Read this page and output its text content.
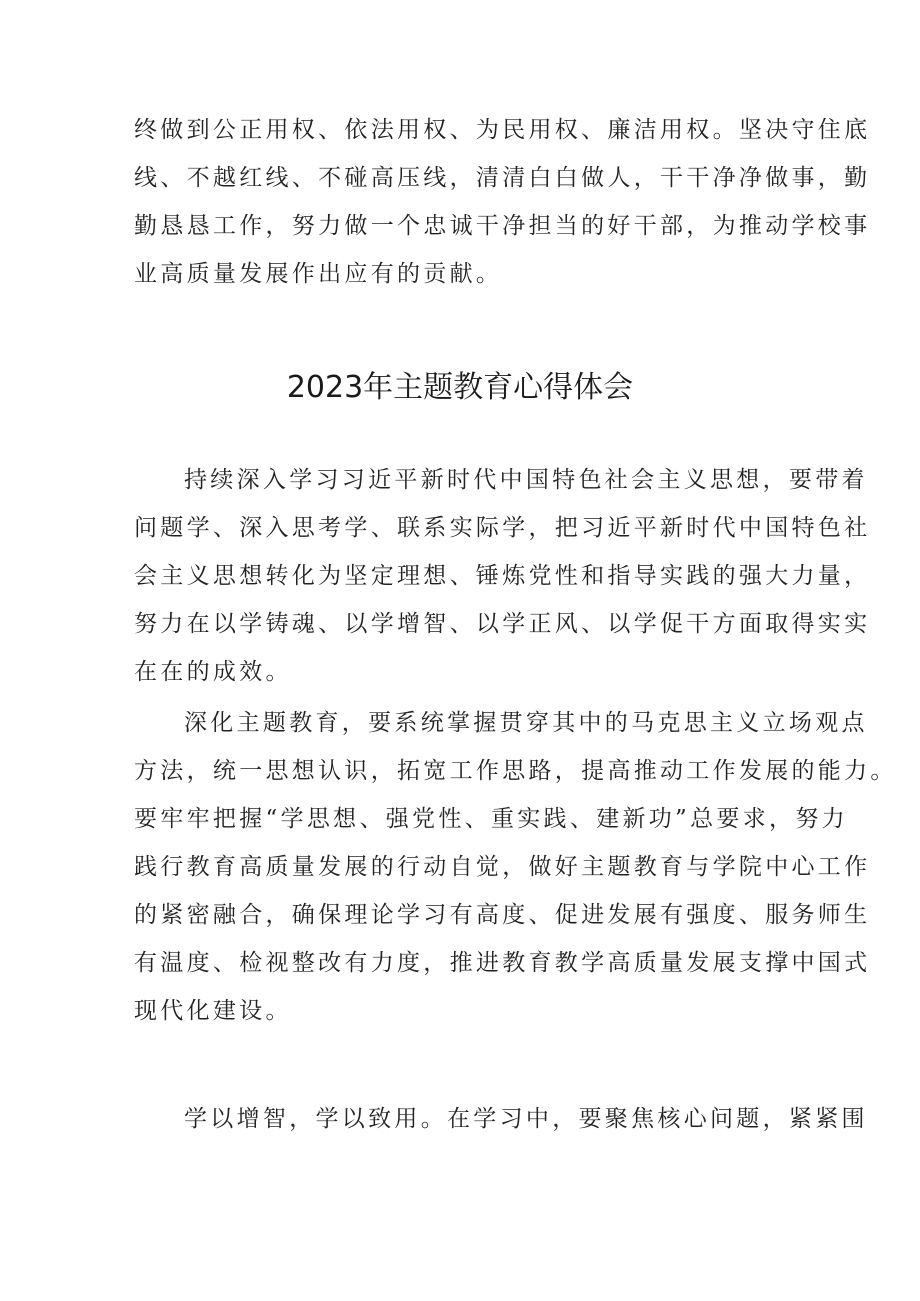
终做到公正用权、依法用权、为民用权、廉洁用权。坚决守住底
线、不越红线、不碰高压线，清清白白做人，干干净净做事，勤
勤恳恳工作，努力做一个忠诚干净担当的好干部，为推动学校事
业高质量发展作出应有的贡献。
2023年主题教育心得体会
持续深入学习习近平新时代中国特色社会主义思想，要带着
问题学、深入思考学、联系实际学，把习近平新时代中国特色社
会主义思想转化为坚定理想、锤炼党性和指导实践的强大力量，
努力在以学铸魂、以学增智、以学正风、以学促干方面取得实实
在在的成效。
深化主题教育，要系统掌握贯穿其中的马克思主义立场观点
方法，统一思想认识，拓宽工作思路，提高推动工作发展的能力。
要牢牢把握“学思想、强党性、重实践、建新功”总要求，努力
践行教育高质量发展的行动自觉，做好主题教育与学院中心工作
的紧密融合，确保理论学习有高度、促进发展有强度、服务师生
有温度、检视整改有力度，推进教育教学高质量发展支撑中国式
现代化建设。
学以增智，学以致用。在学习中，要聚焦核心问题，紧紧围
